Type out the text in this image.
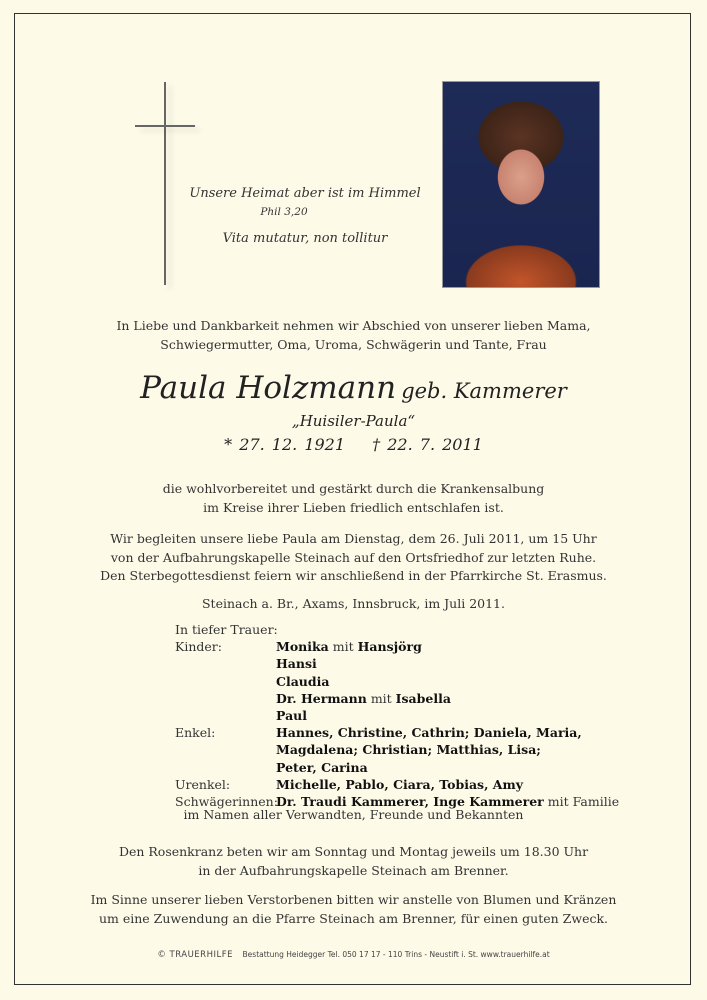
Unsere Heimat aber ist im Himmel
Phil 3,20
Vita mutatur, non tollitur
In Liebe und Dankbarkeit nehmen wir Abschied von unserer lieben Mama,
Schwiegermutter, Oma, Uroma, Schwägerin und Tante, Frau
Paula Holzmann geb. Kammerer
„Huisiler-Paula“
* 27. 12. 1921 † 22. 7. 2011
die wohlvorbereitet und gestärkt durch die Krankensalbung
im Kreise ihrer Lieben friedlich entschlafen ist.
Wir begleiten unsere liebe Paula am Dienstag, dem 26. Juli 2011, um 15 Uhr
von der Aufbahrungskapelle Steinach auf den Ortsfriedhof zur letzten Ruhe.
Den Sterbegottesdienst feiern wir anschließend in der Pfarrkirche St. Erasmus.
Steinach a. Br., Axams, Innsbruck, im Juli 2011.
In tiefer Trauer:
Kinder:	Monika mit Hansjörg
Hansi
Claudia
Dr. Hermann mit Isabella
Paul
Enkel:	Hannes, Christine, Cathrin; Daniela, Maria,
Magdalena; Christian; Matthias, Lisa;
Peter, Carina
Urenkel:	Michelle, Pablo, Ciara, Tobias, Amy
Schwägerinnen:
Dr. Traudi Kammerer, Inge Kammerer mit Familie
im Namen aller Verwandten, Freunde und Bekannten
Den Rosenkranz beten wir am Sonntag und Montag jeweils um 18.30 Uhr
in der Aufbahrungskapelle Steinach am Brenner.
Im Sinne unserer lieben Verstorbenen bitten wir anstelle von Blumen und Kränzen
um eine Zuwendung an die Pfarre Steinach am Brenner, für einen guten Zweck.
© TRAUERHILFE Bestattung Heidegger Tel. 050 17 17 - 110 Trins - Neustift i. St. www.trauerhilfe.at
